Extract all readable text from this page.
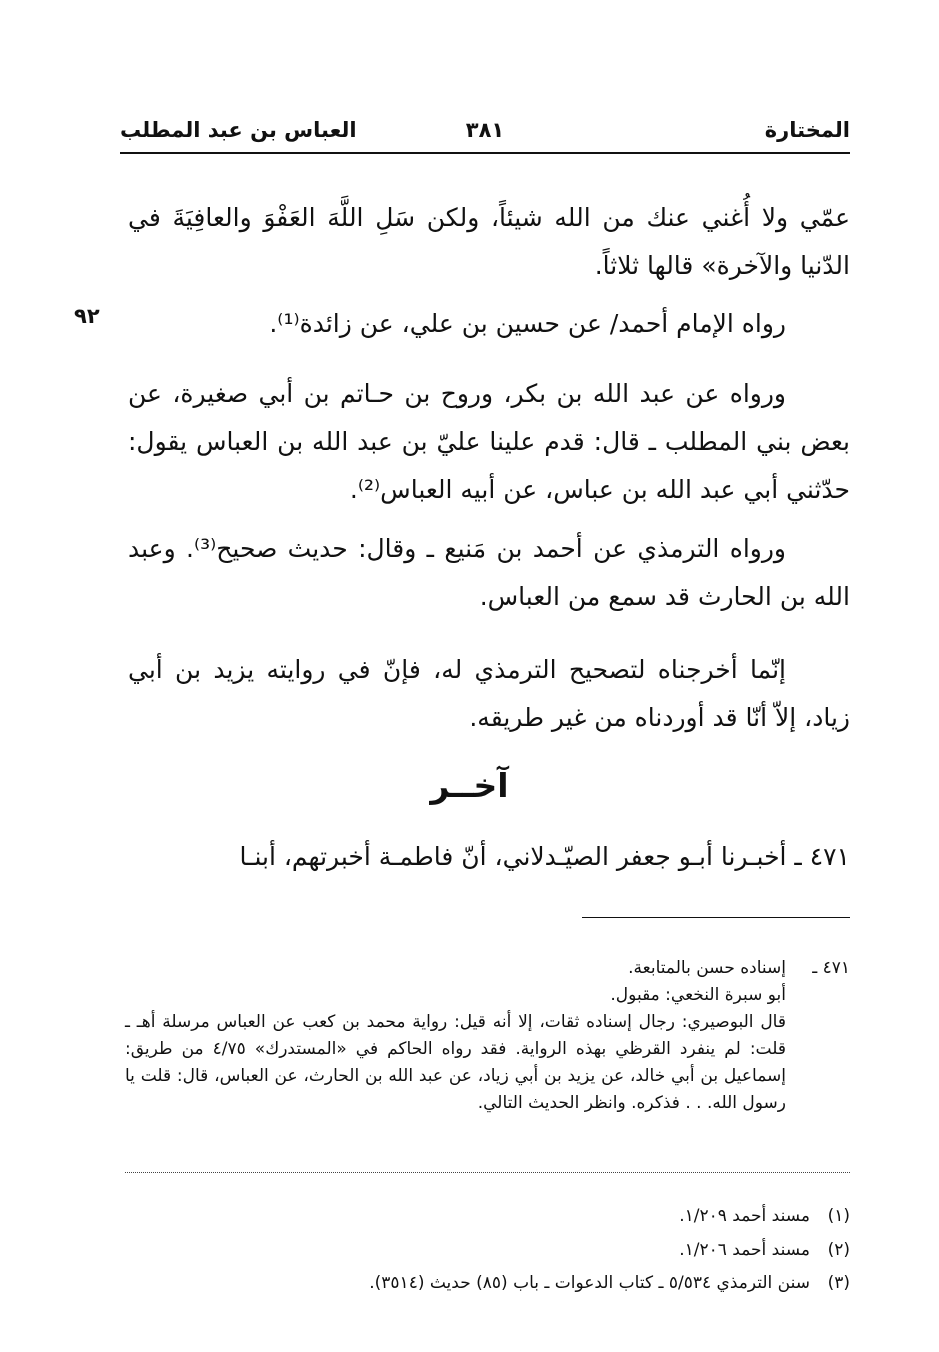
المختارة
٣٨١
العباس بن عبد المطلب
٩٢

عمّي ولا أُغني عنك من الله شيئاً، ولكن سَلِ اللَّهَ العَفْوَ والعافِيَةَ في الدّنيا والآخرة» قالها ثلاثاً.

رواه الإمام أحمد/ عن حسين بن علي، عن زائدة⁽¹⁾.

ورواه عن عبد الله بن بكر، وروح بن حـاتم بن أبي صغيرة، عن بعض بني المطلب ـ قال: قدم علينا عليّ بن عبد الله بن العباس يقول: حدّثني أبي عبد الله بن عباس، عن أبيه العباس⁽²⁾.

ورواه الترمذي عن أحمد بن مَنيع ـ وقال: حديث صحيح⁽³⁾. وعبد الله بن الحارث قد سمع من العباس.

إنّما أخرجناه لتصحيح الترمذي له، فإنّ في روايته يزيد بن أبي زياد، إلاّ أنّا قد أوردناه من غير طريقه.

آخــر

٤٧١ ـ أخبـرنا أبـو جعفر الصيّـدلاني، أنّ فاطمـة أخبرتهم، أبنـا

٤٧١ ـ
إسناده حسن بالمتابعة.

أبو سبرة النخعي: مقبول.

قال البوصيري: رجال إسناده ثقات، إلا أنه قيل: رواية محمد بن كعب عن العباس مرسلة أهـ ـ قلت: لم ينفرد القرظي بهذه الرواية. فقد رواه الحاكم في «المستدرك» ٤/٧٥ من طريق: إسماعيل بن أبي خالد، عن يزيد بن أبي زياد، عن عبد الله بن الحارث، عن العباس، قال: قلت يا رسول الله. . . فذكره. وانظر الحديث التالي.

(١)مسند أحمد ١/٢٠٩.
(٢)مسند أحمد ١/٢٠٦.
(٣)سنن الترمذي ٥/٥٣٤ ـ كتاب الدعوات ـ باب (٨٥) حديث (٣٥١٤).
